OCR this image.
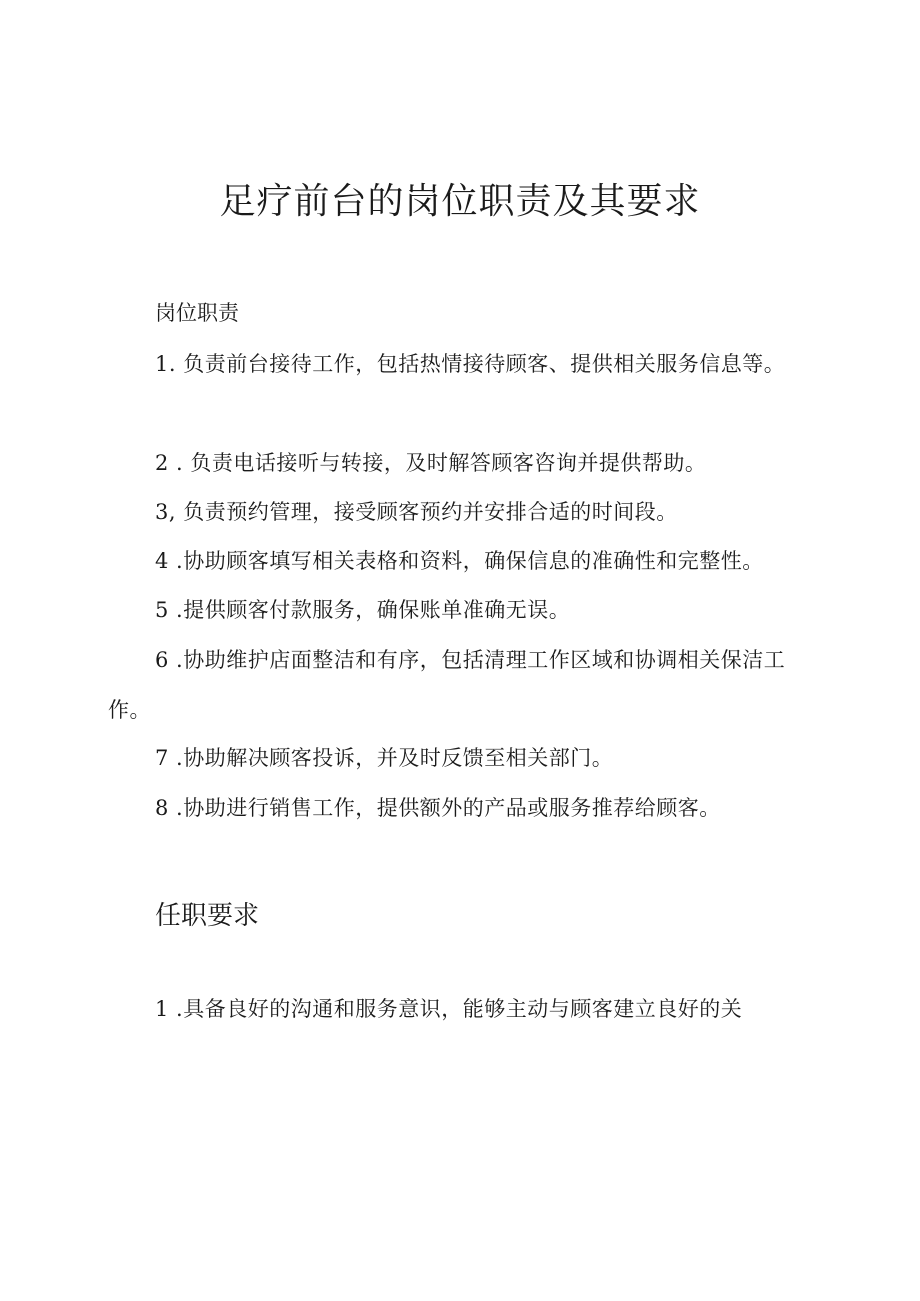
足疗前台的岗位职责及其要求

岗位职责

1. 负责前台接待工作，包括热情接待顾客、提供相关服务信息等。

2 . 负责电话接听与转接，及时解答顾客咨询并提供帮助。

3, 负责预约管理，接受顾客预约并安排合适的时间段。

4 .协助顾客填写相关表格和资料，确保信息的准确性和完整性。

5 .提供顾客付款服务，确保账单准确无误。

6 .协助维护店面整洁和有序，包括清理工作区域和协调相关保洁工作。

7 .协助解决顾客投诉，并及时反馈至相关部门。

8 .协助进行销售工作，提供额外的产品或服务推荐给顾客。

任职要求

1 .具备良好的沟通和服务意识，能够主动与顾客建立良好的关
